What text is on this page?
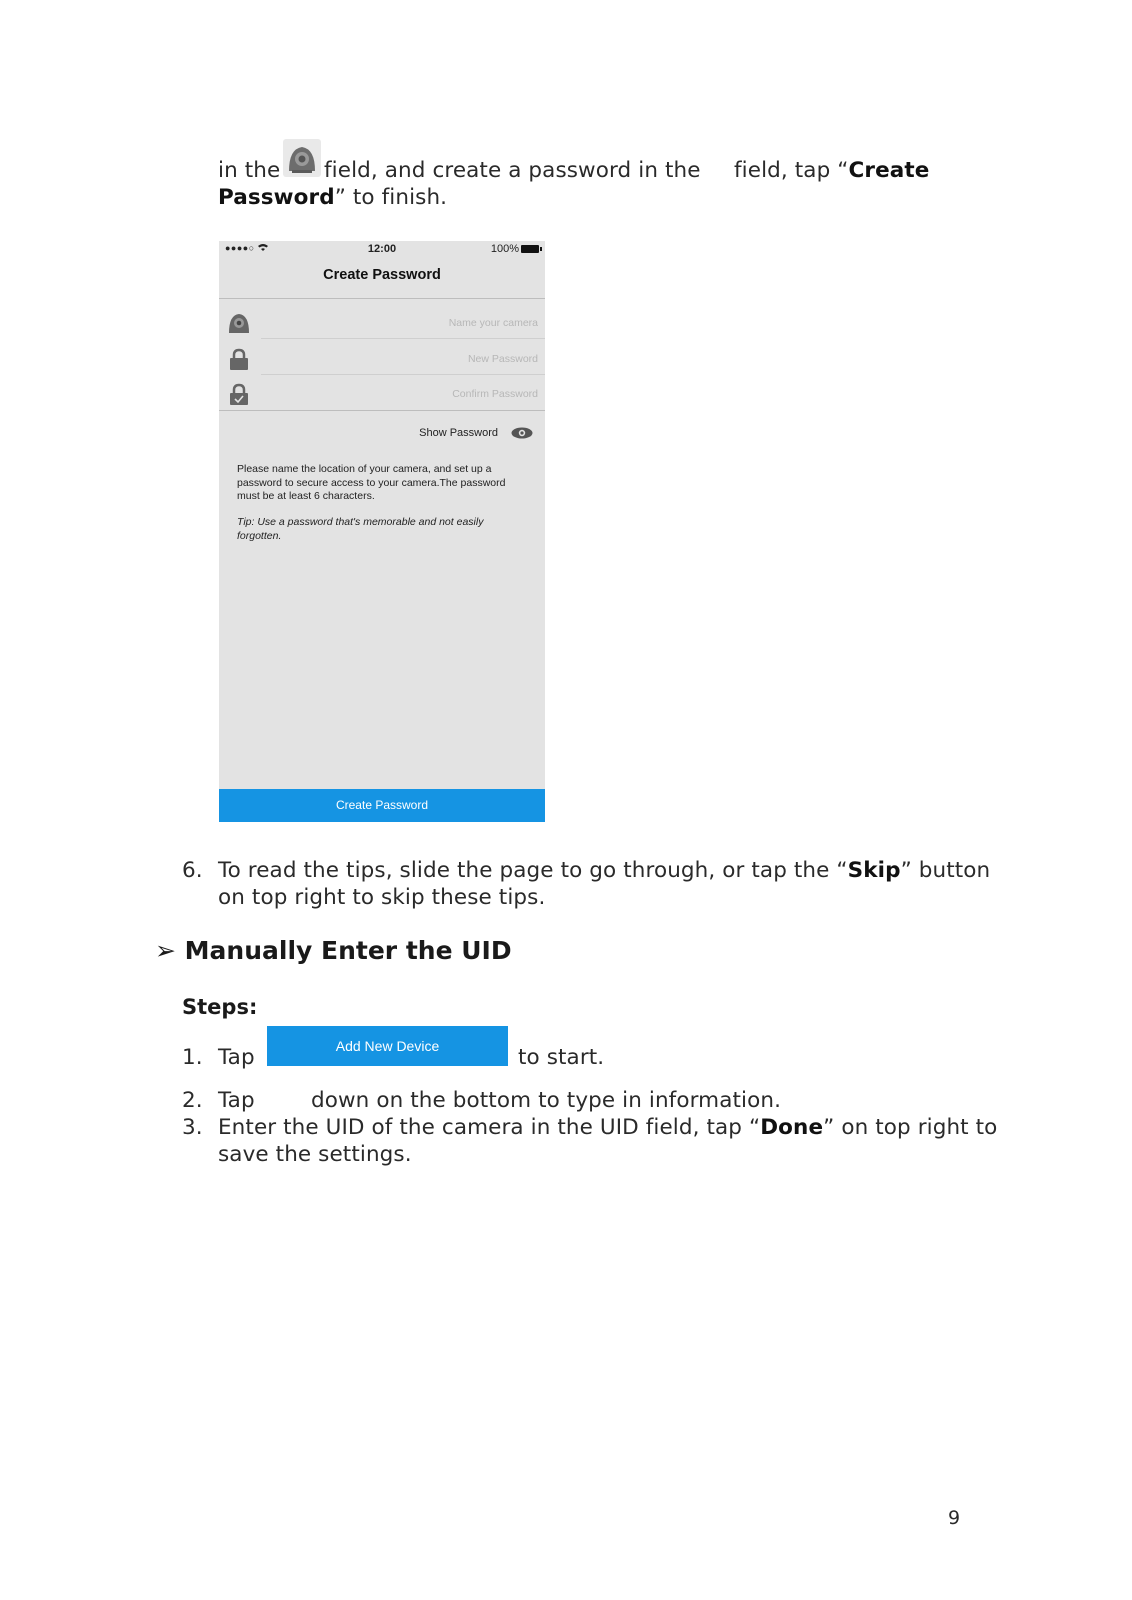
in the field, and create a password in the field, tap “Create
Password” to finish.
●●●●○	12:00	100%
Create Password
Name your camera
New Password
Confirm Password
Show Password
Please name the location of your camera, and set up a password to secure access to your camera.The password must be at least 6 characters.
Tip: Use a password that's memorable and not easily forgotten.
Create Password
6. To read the tips, slide the page to go through, or tap the “Skip” button
on top right to skip these tips.
➢ Manually Enter the UID
Steps:
1. Tap	Add New Device	to start.
2. Tap	down on the bottom to type in information.
3. Enter the UID of the camera in the UID field, tap “Done” on top right to
save the settings.
9
